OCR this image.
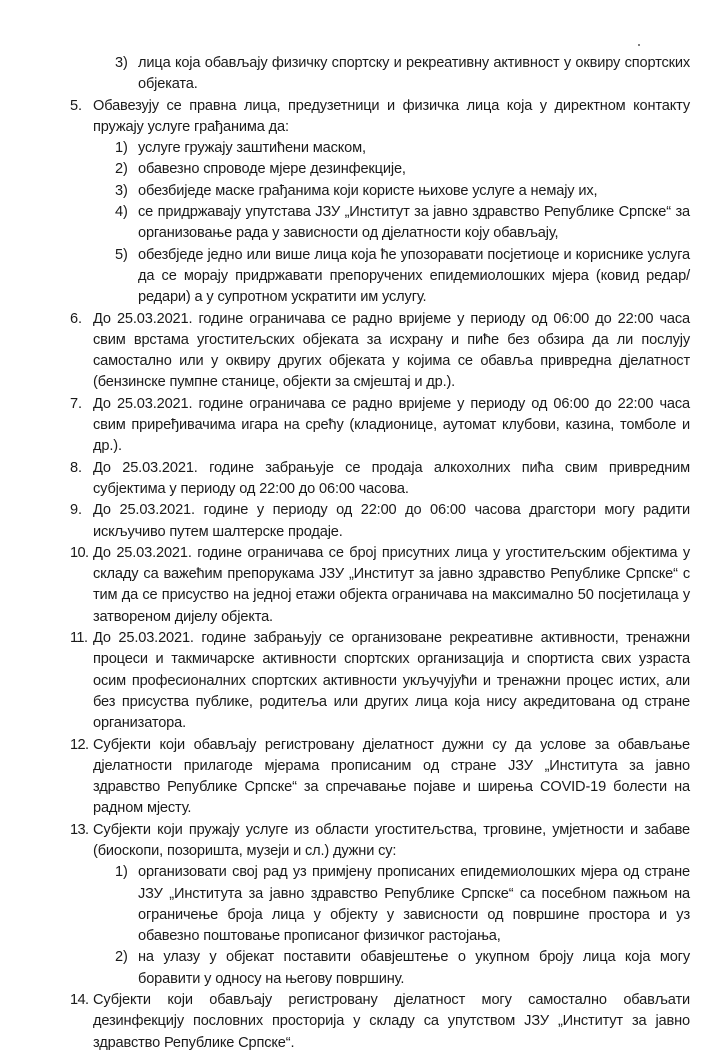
3) лица која обављају физичку спортску и рекреативну активност у оквиру спортских објеката.
5. Обавезују се правна лица, предузетници и физичка лица која у директном контакту пружају услуге грађанима да:
1) услуге гружају заштићени маском,
2) обавезно спроводе мјере дезинфекције,
3) обезбиједе маске грађанима који користе њихове услуге а немају их,
4) се придржавају упутстава ЈЗУ „Институт за јавно здравство Републике Српске“ за организовање рада у зависности од дјелатности коју обављају,
5) обезбједе једно или више лица која ће упозоравати посјетиоце и кориснике услуга да се морају придржавати препоручених епидемиолошких мјера (ковид редар/редари) а у супротном ускратити им услугу.
6. До 25.03.2021. године ограничава се радно вријеме у периоду од 06:00 до 22:00 часа свим врстама угоститељских објеката за исхрану и пиће без обзира да ли послују самостално или у оквиру других објеката у којима се обавља привредна дјелатност (бензинске пумпне станице, објекти за смјештај и др.).
7. До 25.03.2021. године ограничава се радно вријеме у периоду од 06:00 до 22:00 часа свим приређивачима игара на срећу (кладионице, аутомат клубови, казина, томболе и др.).
8. До 25.03.2021. године забрањује се продаја алкохолних пића свим привредним субјектима у периоду од 22:00 до 06:00 часова.
9. До 25.03.2021. године у периоду од 22:00 до 06:00 часова драгстори могу радити искључиво путем шалтерске продаје.
10. До 25.03.2021. године ограничава се број присутних лица у угоститељским објектима у складу са важећим препорукама ЈЗУ „Институт за јавно здравство Републике Српске“ с тим да се присуство на једној етажи објекта ограничава на максимално 50 посјетилаца у затвореном дијелу објекта.
11. До 25.03.2021. године забрањују се организоване рекреативне активности, тренажни процеси и такмичарске активности спортских организација и спортиста свих узраста осим професионалних спортских активности укључујући и тренажни процес истих, али без присуства публике, родитеља или других лица која нису акредитована од стране организатора.
12. Субјекти који обављају регистровану дјелатност дужни су да услове за обављање дјелатности прилагоде мјерама прописаним од стране ЈЗУ „Института за јавно здравство Републике Српске“ за спречавање појаве и ширења COVID-19 болести на радном мјесту.
13. Субјекти који пружају услуге из области угоститељства, трговине, умјетности и забаве (биоскопи, позоришта, музеји и сл.) дужни су:
1) организовати свој рад уз примјену прописаних епидемиолошких мјера од стране ЈЗУ „Института за јавно здравство Републике Српске“ са посебном пажњом на ограничење броја лица у објекту у зависности од површине простора и уз обавезно поштовање прописаног физичког растојања,
2) на улазу у објекат поставити обавјештење о укупном броју лица која могу боравити у односу на његову површину.
14. Субјекти који обављају регистровану дјелатност могу самостално обављати дезинфекцију пословних просторија у складу са упутством ЈЗУ „Институт за јавно здравство Републике Српске“.
